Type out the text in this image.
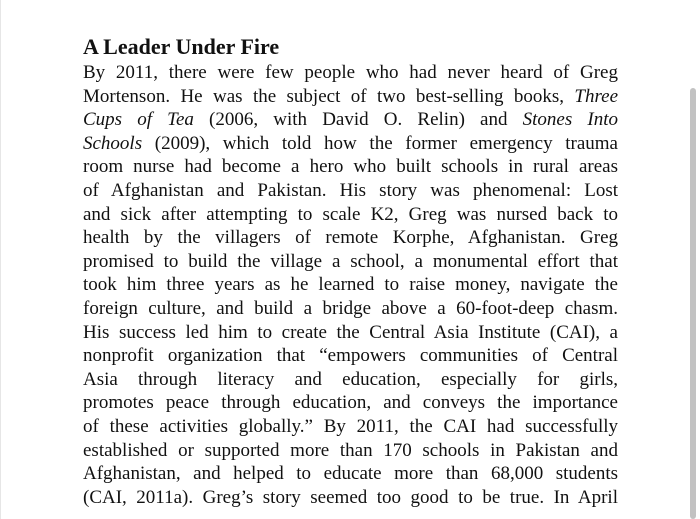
A Leader Under Fire
By 2011, there were few people who had never heard of Greg
Mortenson. He was the subject of two best-selling books, Three
Cups of Tea (2006, with David O. Relin) and Stones Into
Schools (2009), which told how the former emergency trauma
room nurse had become a hero who built schools in rural areas
of Afghanistan and Pakistan. His story was phenomenal: Lost
and sick after attempting to scale K2, Greg was nursed back to
health by the villagers of remote Korphe, Afghanistan. Greg
promised to build the village a school, a monumental effort that
took him three years as he learned to raise money, navigate the
foreign culture, and build a bridge above a 60-foot-deep chasm.
His success led him to create the Central Asia Institute (CAI), a
nonprofit organization that “empowers communities of Central
Asia through literacy and education, especially for girls,
promotes peace through education, and conveys the importance
of these activities globally.” By 2011, the CAI had successfully
established or supported more than 170 schools in Pakistan and
Afghanistan, and helped to educate more than 68,000 students
(CAI, 2011a). Greg’s story seemed too good to be true. In April
